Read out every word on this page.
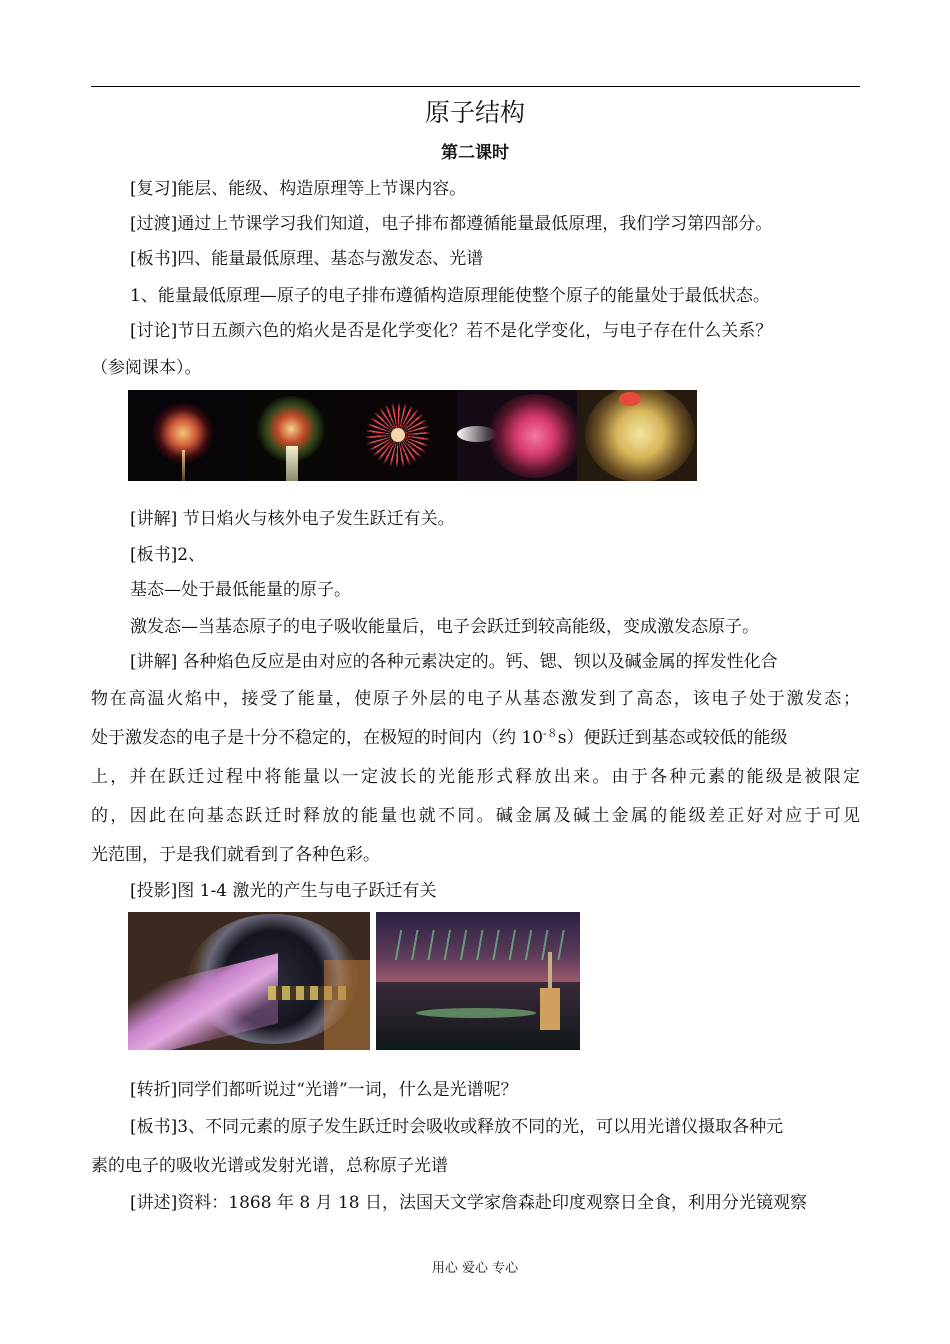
原子结构
第二课时
[复习]能层、能级、构造原理等上节课内容。
[过渡]通过上节课学习我们知道，电子排布都遵循能量最低原理，我们学习第四部分。
[板书]四、能量最低原理、基态与激发态、光谱
1、能量最低原理—原子的电子排布遵循构造原理能使整个原子的能量处于最低状态。
[讨论]节日五颜六色的焰火是否是化学变化？若不是化学变化，与电子存在什么关系？
（参阅课本）。
[讲解] 节日焰火与核外电子发生跃迁有关。
[板书]2、
基态—处于最低能量的原子。
激发态—当基态原子的电子吸收能量后，电子会跃迁到较高能级，变成激发态原子。
[讲解] 各种焰色反应是由对应的各种元素决定的。钙、锶、钡以及碱金属的挥发性化合
物在高温火焰中，接受了能量，使原子外层的电子从基态激发到了高态，该电子处于激发态；
处于激发态的电子是十分不稳定的，在极短的时间内（约 $10^{-8}s$）便跃迁到基态或较低的能级
上，并在跃迁过程中将能量以一定波长的光能形式释放出来。由于各种元素的能级是被限定
的，因此在向基态跃迁时释放的能量也就不同。碱金属及碱土金属的能级差正好对应于可见
光范围，于是我们就看到了各种色彩。
[投影]图 1-4 激光的产生与电子跃迁有关
[转折]同学们都听说过“光谱”一词，什么是光谱呢？
[板书]3、不同元素的原子发生跃迁时会吸收或释放不同的光，可以用光谱仪摄取各种元
素的电子的吸收光谱或发射光谱，总称原子光谱
[讲述]资料：1868 年 8 月 18 日，法国天文学家詹森赴印度观察日全食，利用分光镜观察
用心 爱心 专心
